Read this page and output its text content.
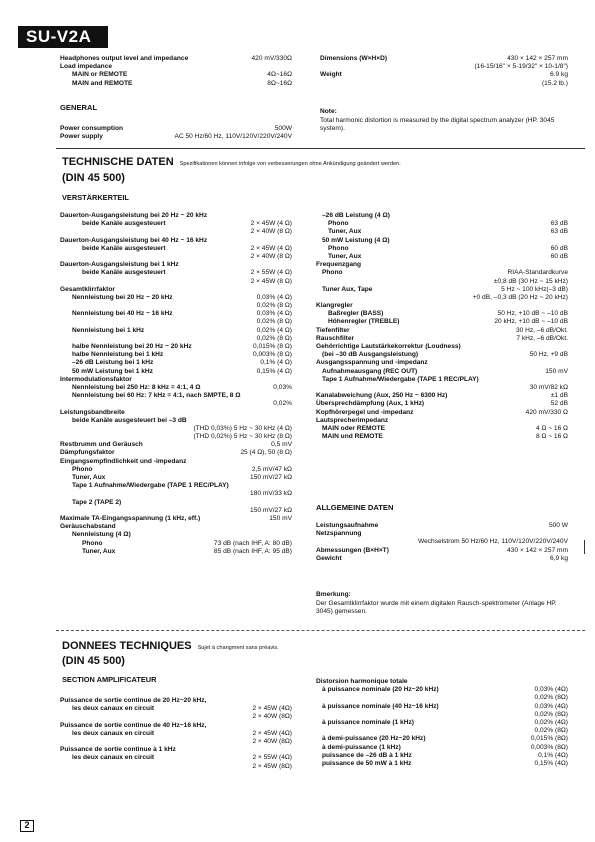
SU-V2A
Headphones output level and impedance	420 mV/330Ω
Load impedance
MAIN or REMOTE	4Ω~16Ω
MAIN and REMOTE	8Ω~16Ω
GENERAL
Power consumption	500W
Power supply	AC 50 Hz/60 Hz, 110V/120V/220V/240V
Dimensions (W×H×D)	430 × 142 × 257 mm
(16-15/16" × 5-19/32" × 10-1/8")
Weight	6.9 kg
(15.2 lb.)
Note:
Total harmonic distortion is measured by the digital spectrum analyzer (HP. 3045 system).
TECHNISCHE DATEN Spezifikationen können infolge von verbesserungen ohne Ankündigung geändert werden.
(DIN 45 500)
VERSTÄRKERTEIL
Dauerton-Ausgangsleistung bei 20 Hz ~ 20 kHz
beide Kanäle ausgesteuert	2 × 45W (4 Ω)
2 × 40W (8 Ω)
Dauerton-Ausgangsleistung bei 40 Hz ~ 16 kHz
beide Kanäle ausgesteuert	2 × 45W (4 Ω)
2 × 40W (8 Ω)
Dauerton-Ausgangsleistung bei 1 kHz
beide Kanäle ausgesteuert	2 × 55W (4 Ω)
2 × 45W (8 Ω)
Gesamtklirrfaktor
Nennleistung bei 20 Hz ~ 20 kHz	0,03% (4 Ω)
0,02% (8 Ω)
Nennleistung bei 40 Hz ~ 16 kHz	0,03% (4 Ω)
0,02% (8 Ω)
Nennleistung bei 1 kHz	0,02% (4 Ω)
0,02% (8 Ω)
halbe Nennleistung bei 20 Hz ~ 20 kHz	0,015% (8 Ω)
halbe Nennleistung bei 1 kHz	0,003% (8 Ω)
–26 dB Leistung bei 1 kHz	0,1% (4 Ω)
50 mW Leistung bei 1 kHz	0,15% (4 Ω)
Intermodulationsfaktor
Nennleistung bei 250 Hz: 8 kHz = 4:1, 4 Ω	0,03%
Nennleistung bei 60 Hz: 7 kHz = 4:1, nach SMPTE, 8 Ω
0,02%
Leistungsbandbreite
beide Kanäle ausgesteuert bei –3 dB
(THD 0,03%) 5 Hz ~ 30 kHz (4 Ω)
(THD 0,02%) 5 Hz ~ 30 kHz (8 Ω)
Restbrumm und Geräusch	0,5 mV
Dämpfungsfaktor	25 (4 Ω), 50 (8 Ω)
Eingangsempfindlichkeit und -impedanz
Phono	2,5 mV/47 kΩ
Tuner, Aux	150 mV/27 kΩ
Tape 1 Aufnahme/Wiedergabe (TAPE 1 REC/PLAY)
180 mV/33 kΩ
Tape 2 (TAPE 2)
150 mV/27 kΩ
Maximale TA-Eingangsspannung (1 kHz, eff.)	150 mV
Geräuschabstand
Nennleistung (4 Ω)
Phono	73 dB (nach IHF, A: 80 dB)
Tuner, Aux	85 dB (nach IHF, A: 95 dB)
–26 dB Leistung (4 Ω)
Phono	63 dB
Tuner, Aux	63 dB
50 mW Leistung (4 Ω)
Phono	60 dB
Tuner, Aux	60 dB
Frequenzgang
Phono	RIAA-Standardkurve
±0,8 dB (30 Hz ~ 15 kHz)
Tuner Aux, Tape	5 Hz ~ 100 kHz(–3 dB)
+0 dB, –0,3 dB (20 Hz ~ 20 kHz)
Klangregler
Baßregler (BASS)	50 Hz, +10 dB ~ –10 dB
Höhenregler (TREBLE)	20 kHz, +10 dB ~ –10 dB
Tiefenfilter	30 Hz, –6 dB/Okt.
Rauschfilter	7 kHz, –6 dB/Okt.
Gehörrichtige Lautstärkekorrektur (Loudness)
(bei –30 dB Ausgangsleistung)	50 Hz, +9 dB
Ausgangsspannung und -impedanz
Aufnahmeausgang (REC OUT)	150 mV
Tape 1 Aufnahme/Wiedergabe (TAPE 1 REC/PLAY)
30 mV/82 kΩ
Kanalabweichung (Aux, 250 Hz ~ 6300 Hz)	±1 dB
Übersprechdämpfung (Aux, 1 kHz)	52 dB
Kopfhörerpegel und -impedanz	420 mV/330 Ω
Lautsprecherimpedanz
MAIN oder REMOTE	4 Ω ~ 16 Ω
MAIN und REMOTE	8 Ω ~ 16 Ω
ALLGEMEINE DATEN
Leistungsaufnahme	500 W
Netzspannung
Wechselstrom 50 Hz/60 Hz, 110V/120V/220V/240V
Abmessungen (B×H×T)	430 × 142 × 257 mm
Gewicht	6,9 kg
Bmerkung:
Der Gesamtklirrfaktor wurde mit einem digitalen Rausch-spektrometer (Anlage HP. 3045) gemessen.
DONNEES TECHNIQUES Sujet à changment sans préavis.
(DIN 45 500)
SECTION AMPLIFICATEUR
Puissance de sortie continue de 20 Hz~20 kHz,
les deux canaux en circuit	2 × 45W (4Ω)
2 × 40W (8Ω)
Puissance de sortie continue de 40 Hz~16 kHz,
les deux canaux en circuit	2 × 45W (4Ω)
2 × 40W (8Ω)
Puissance de sortie continue à 1 kHz
les deux canaux en circuit	2 × 55W (4Ω)
2 × 45W (8Ω)
Distorsion harmonique totale
à puissance nominale (20 Hz~20 kHz)	0,03% (4Ω)
0,02% (8Ω)
à puissance nominale (40 Hz~16 kHz)	0,03% (4Ω)
0,02% (8Ω)
à puissance nominale (1 kHz)	0,02% (4Ω)
0,02% (8Ω)
à demi-puissance (20 Hz~20 kHz)	0,015% (8Ω)
à demi-puissance (1 kHz)	0,003% (8Ω)
puissance de –26 dB à 1 kHz	0,1% (4Ω)
puissance de 50 mW à 1 kHz	0,15% (4Ω)
2
